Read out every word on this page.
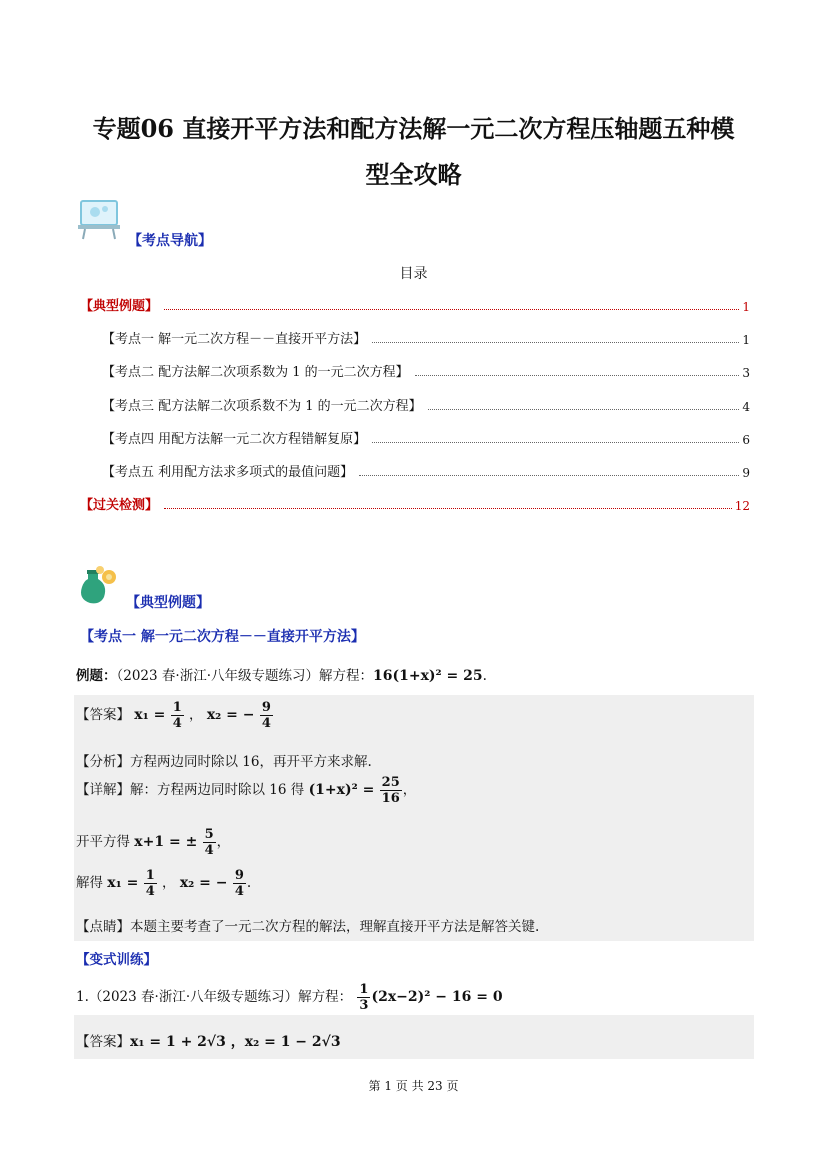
专题06 直接开平方法和配方法解一元二次方程压轴题五种模
型全攻略
【考点导航】
目录
【典型例题】	1
【考点一 解一元二次方程－－直接开平方法】	1
【考点二 配方法解二次项系数为 1 的一元二次方程】	3
【考点三 配方法解二次项系数不为 1 的一元二次方程】	4
【考点四 用配方法解一元二次方程错解复原】	6
【考点五 利用配方法求多项式的最值问题】	9
【过关检测】	12
【典型例题】
【考点一 解一元二次方程－－直接开平方法】
例题：（2023 春·浙江·八年级专题练习）解方程：16(1+x)² = 25.
【答案】 $x_1 = \frac{1}{4}$ ， x₂ = − $\frac{9}{4}$
【分析】方程两边同时除以 16，再开平方来求解.
【详解】解：方程两边同时除以 16 得 $(1+x)^2 = \frac{25}{16}$ ，
开平方得 x+1 = ± $\frac{5}{4}$ ，
解得 $x_1 = \frac{1}{4}$ ， x₂ = − $\frac{9}{4}$ .
【点睛】本题主要考查了一元二次方程的解法，理解直接开平方法是解答关键.
【变式训练】
1.（2023 春·浙江·八年级专题练习）解方程： $\frac{1}{3} (2x-2)^2 - 16 = 0$
【答案】x₁ = 1 + 2√3 ，x₂ = 1 − 2√3
第 1 页 共 23 页
